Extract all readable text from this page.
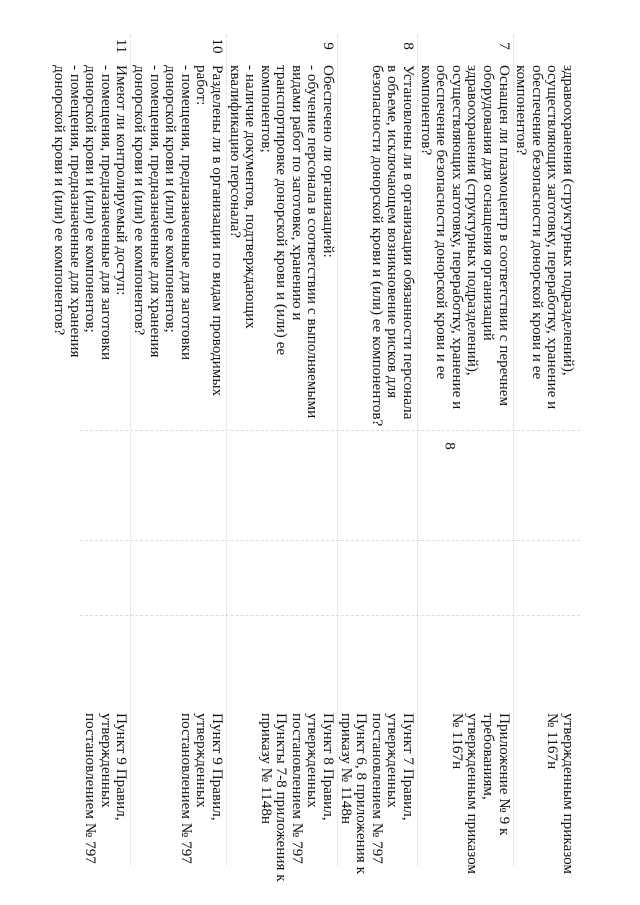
8
здравоохранения (структурных подразделений),
осуществляющих заготовку, переработку, хранение и
обеспечение безопасности донорской крови и ее
компонентов?
утвержденным приказом
№ 1167н
7
Оснащен ли плазмоцентр в соответствии с перечнем
оборудования для оснащения организаций
здравоохранения (структурных подразделений),
осуществляющих заготовку, переработку, хранение и
обеспечение безопасности донорской крови и ее
компонентов?
Приложение № 9 к
требованиям,
утвержденным приказом
№ 1167н
8
Установлены ли в организации обязанности персонала
в объеме, исключающем возникновение рисков для
безопасности донорской крови и (или) ее компонентов?
Пункт 7 Правил,
утвержденных
постановлением № 797
Пункт 6, 8 приложения к
приказу № 1148н
9
Обеспечено ли организацией:
- обучение персонала в соответствии с выполняемыми
видами работ по заготовке, хранению и
транспортировке донорской крови и (или) ее
компонентов;
- наличие документов, подтверждающих
квалификацию персонала?
Пункт 8 Правил,
утвержденных
постановлением № 797
Пункты 7-8 приложения к
приказу № 1148н
10
Разделены ли в организации по видам проводимых
работ:
- помещения, предназначенные для заготовки
донорской крови и (или) ее компонентов;
- помещения, предназначенные для хранения
донорской крови и (или) ее компонентов?
Пункт 9 Правил,
утвержденных
постановлением № 797
11
Имеют ли контролируемый доступ:
- помещения, предназначенные для заготовки
донорской крови и (или) ее компонентов;
- помещения, предназначенные для хранения
донорской крови и (или) ее компонентов?
Пункт 9 Правил,
утвержденных
постановлением № 797
